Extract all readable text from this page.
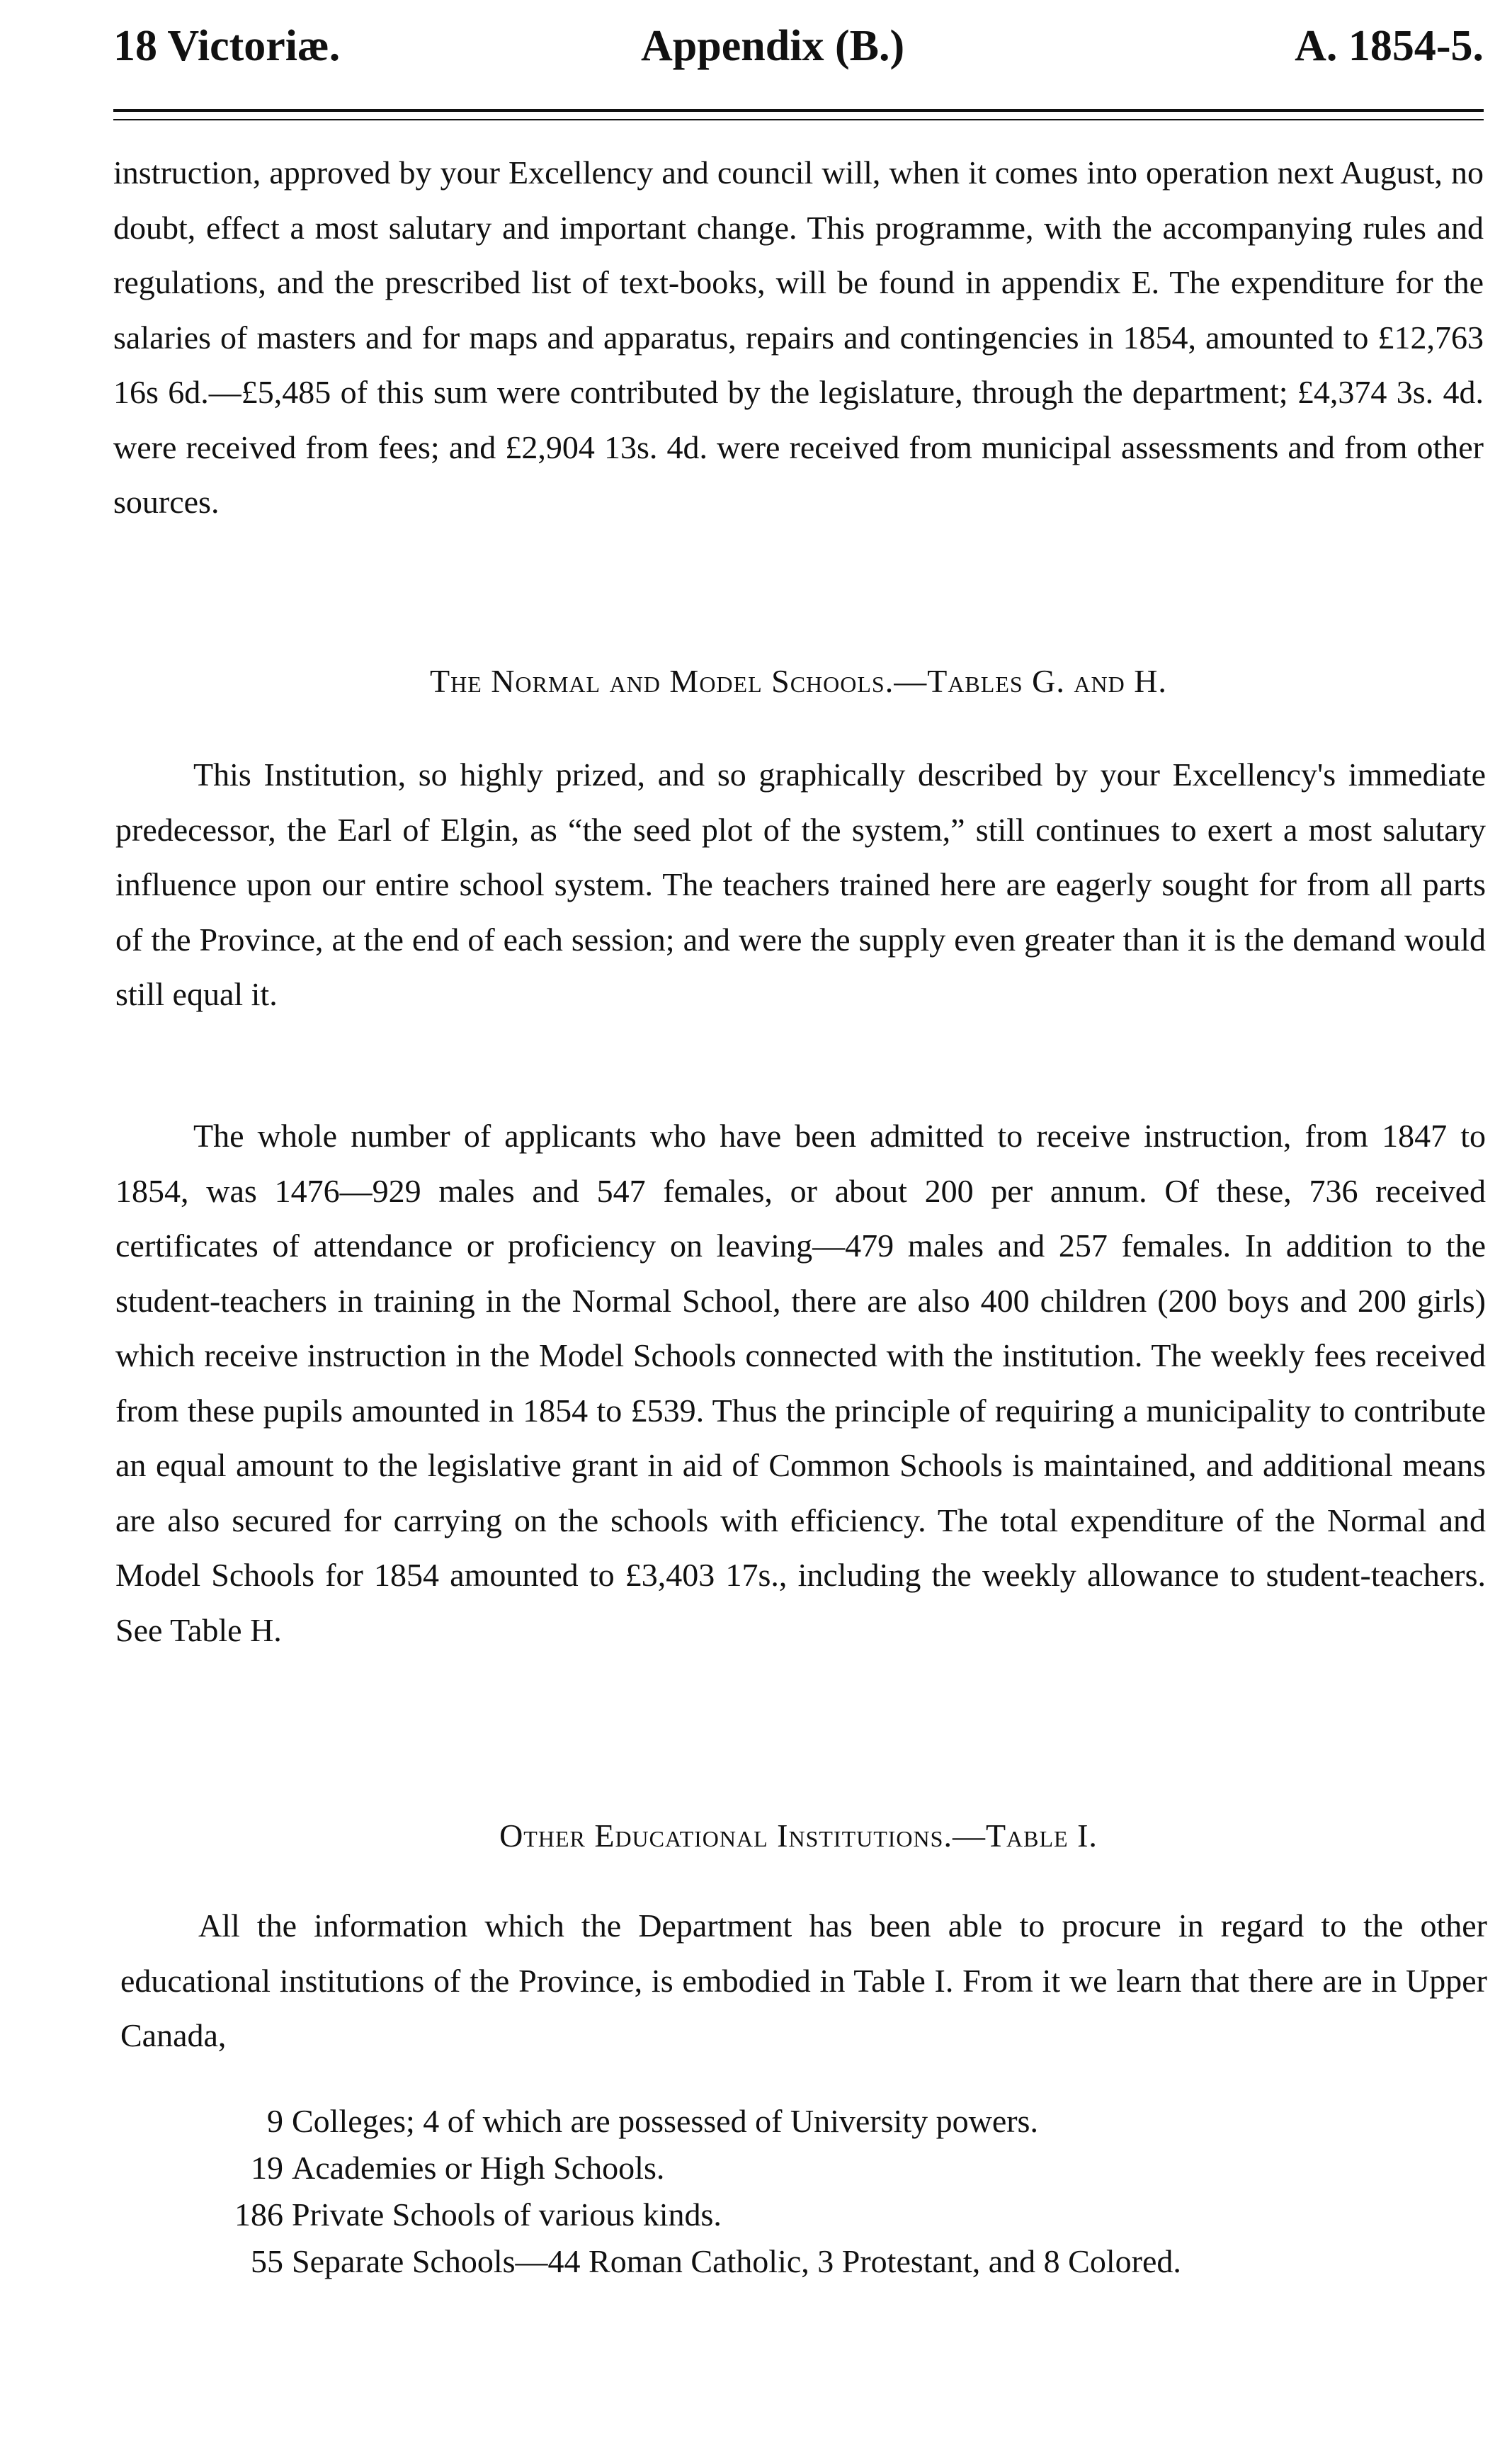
18 Victoriæ.	Appendix (B.)	A. 1854-5.

instruction, approved by your Excellency and council will, when it comes into operation next August, no doubt, effect a most salutary and important change. This programme, with the accompanying rules and regulations, and the prescribed list of text-books, will be found in appendix E. The expenditure for the salaries of masters and for maps and apparatus, repairs and contingencies in 1854, amounted to £12,763 16s 6d.—£5,485 of this sum were contributed by the legislature, through the department; £4,374 3s. 4d. were received from fees; and £2,904 13s. 4d. were received from municipal assessments and from other sources.

The Normal and Model Schools.—Tables G. and H.

This Institution, so highly prized, and so graphically described by your Excellency's immediate predecessor, the Earl of Elgin, as “the seed plot of the system,” still continues to exert a most salutary influence upon our entire school system. The teachers trained here are eagerly sought for from all parts of the Province, at the end of each session; and were the supply even greater than it is the demand would still equal it.

The whole number of applicants who have been admitted to receive instruction, from 1847 to 1854, was 1476—929 males and 547 females, or about 200 per annum. Of these, 736 received certificates of attendance or proficiency on leaving—479 males and 257 females. In addition to the student-teachers in training in the Normal School, there are also 400 children (200 boys and 200 girls) which receive instruction in the Model Schools connected with the institution. The weekly fees received from these pupils amounted in 1854 to £539. Thus the principle of requiring a municipality to contribute an equal amount to the legislative grant in aid of Common Schools is maintained, and additional means are also secured for carrying on the schools with efficiency. The total expenditure of the Normal and Model Schools for 1854 amounted to £3,403 17s., including the weekly allowance to student-teachers. See Table H.

Other Educational Institutions.—Table I.

All the information which the Department has been able to procure in regard to the other educational institutions of the Province, is embodied in Table I. From it we learn that there are in Upper Canada,

9 Colleges; 4 of which are possessed of University powers.
19 Academies or High Schools.
186 Private Schools of various kinds.
55 Separate Schools—44 Roman Catholic, 3 Protestant, and 8 Colored.
